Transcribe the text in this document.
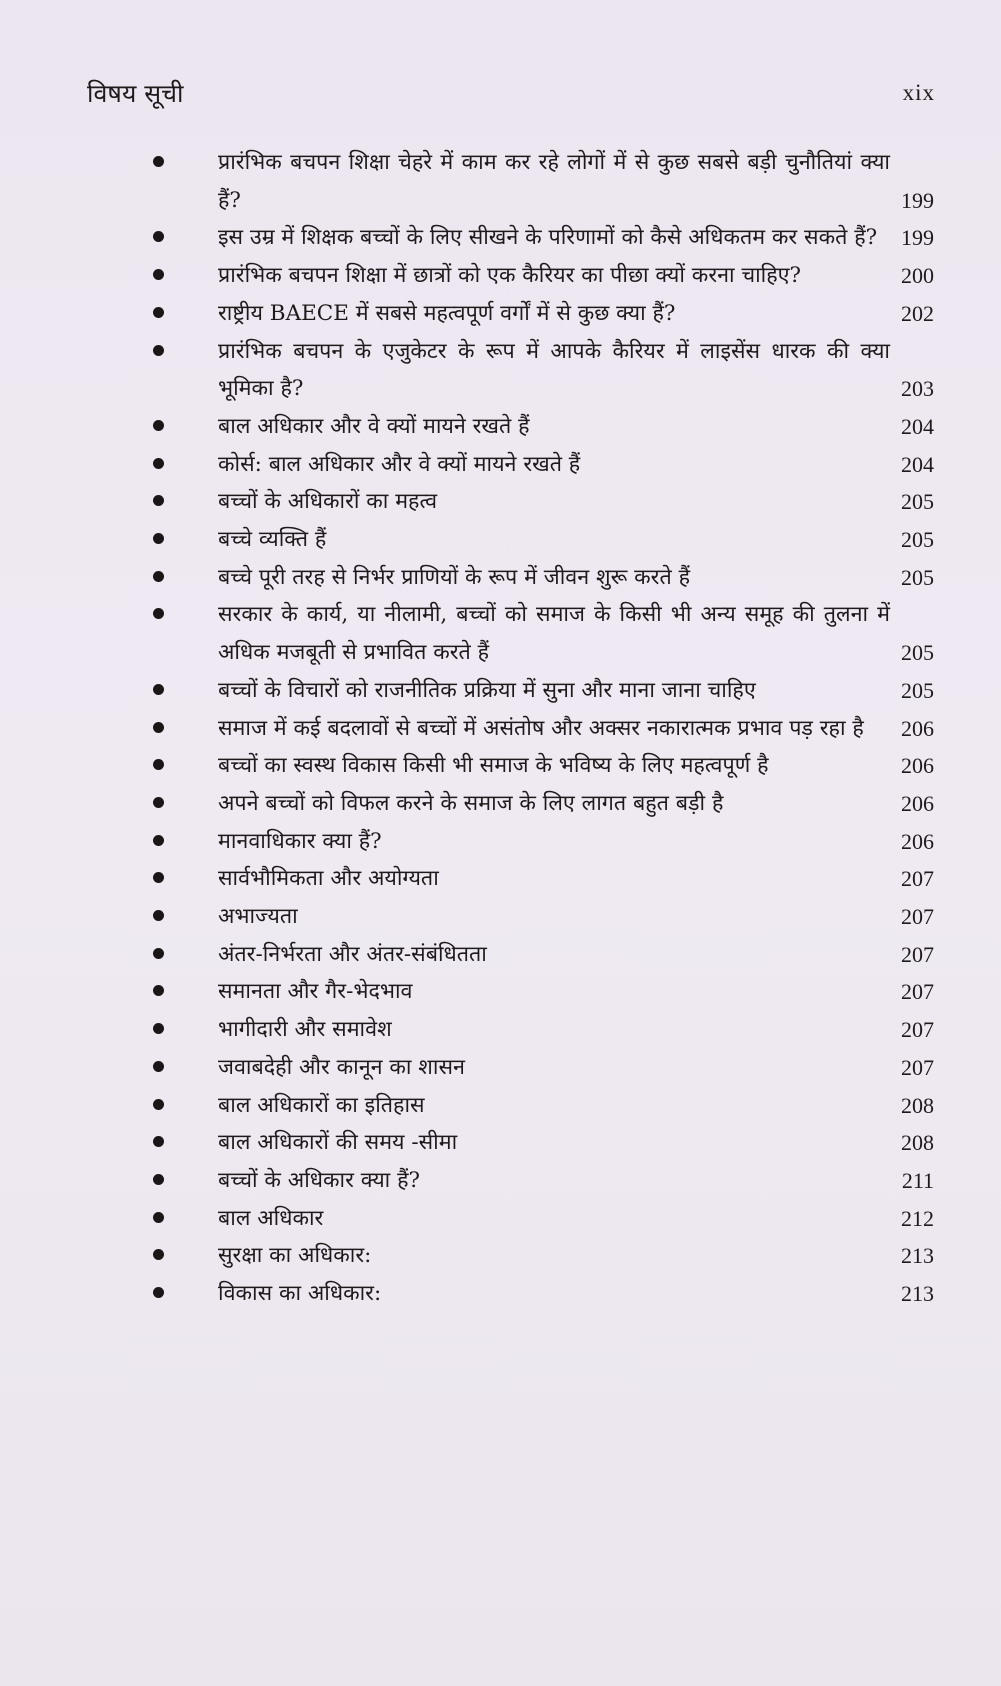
विषय सूची	xix
प्रारंभिक बचपन शिक्षा चेहरे में काम कर रहे लोगों में से कुछ सबसे बड़ी चुनौतियां क्या हैं?	199
इस उम्र में शिक्षक बच्चों के लिए सीखने के परिणामों को कैसे अधिकतम कर सकते हैं?	199
प्रारंभिक बचपन शिक्षा में छात्रों को एक कैरियर का पीछा क्यों करना चाहिए?	200
राष्ट्रीय BAECE में सबसे महत्वपूर्ण वर्गों में से कुछ क्या हैं?	202
प्रारंभिक बचपन के एजुकेटर के रूप में आपके कैरियर में लाइसेंस धारक की क्या भूमिका है?	203
बाल अधिकार और वे क्यों मायने रखते हैं	204
कोर्स: बाल अधिकार और वे क्यों मायने रखते हैं	204
बच्चों के अधिकारों का महत्व	205
बच्चे व्यक्ति हैं	205
बच्चे पूरी तरह से निर्भर प्राणियों के रूप में जीवन शुरू करते हैं	205
सरकार के कार्य, या नीलामी, बच्चों को समाज के किसी भी अन्य समूह की तुलना में अधिक मजबूती से प्रभावित करते हैं	205
बच्चों के विचारों को राजनीतिक प्रक्रिया में सुना और माना जाना चाहिए	205
समाज में कई बदलावों से बच्चों में असंतोष और अक्सर नकारात्मक प्रभाव पड़ रहा है	206
बच्चों का स्वस्थ विकास किसी भी समाज के भविष्य के लिए महत्वपूर्ण है	206
अपने बच्चों को विफल करने के समाज के लिए लागत बहुत बड़ी है	206
मानवाधिकार क्या हैं?	206
सार्वभौमिकता और अयोग्यता	207
अभाज्यता	207
अंतर-निर्भरता और अंतर-संबंधितता	207
समानता और गैर-भेदभाव	207
भागीदारी और समावेश	207
जवाबदेही और कानून का शासन	207
बाल अधिकारों का इतिहास	208
बाल अधिकारों की समय -सीमा	208
बच्चों के अधिकार क्या हैं?	211
बाल अधिकार	212
सुरक्षा का अधिकार:	213
विकास का अधिकार:	213
